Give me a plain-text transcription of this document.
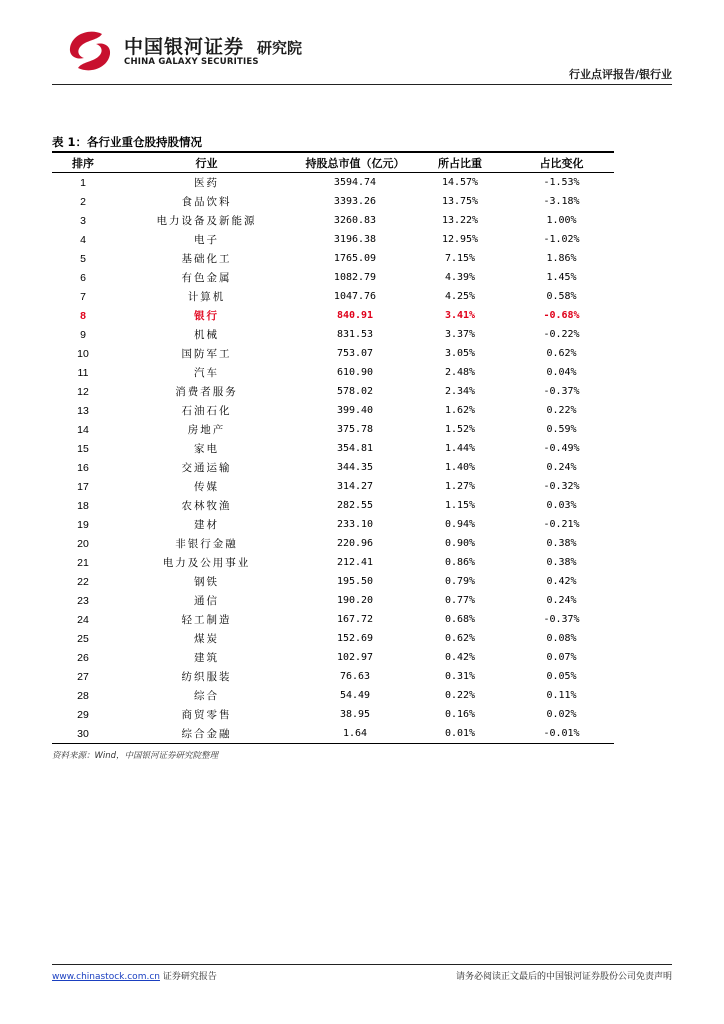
中国银河证券
CHINA GALAXY SECURITIES
研究院
行业点评报告/银行业
表 1：各行业重仓股持股情况
排序	行业	持股总市值（亿元）	所占比重	占比变化
1	医药	3594.74	14.57%	-1.53%
2	食品饮料	3393.26	13.75%	-3.18%
3	电力设备及新能源	3260.83	13.22%	1.00%
4	电子	3196.38	12.95%	-1.02%
5	基础化工	1765.09	7.15%	1.86%
6	有色金属	1082.79	4.39%	1.45%
7	计算机	1047.76	4.25%	0.58%
8	银行	840.91	3.41%	-0.68%
9	机械	831.53	3.37%	-0.22%
10	国防军工	753.07	3.05%	0.62%
11	汽车	610.90	2.48%	0.04%
12	消费者服务	578.02	2.34%	-0.37%
13	石油石化	399.40	1.62%	0.22%
14	房地产	375.78	1.52%	0.59%
15	家电	354.81	1.44%	-0.49%
16	交通运输	344.35	1.40%	0.24%
17	传媒	314.27	1.27%	-0.32%
18	农林牧渔	282.55	1.15%	0.03%
19	建材	233.10	0.94%	-0.21%
20	非银行金融	220.96	0.90%	0.38%
21	电力及公用事业	212.41	0.86%	0.38%
22	钢铁	195.50	0.79%	0.42%
23	通信	190.20	0.77%	0.24%
24	轻工制造	167.72	0.68%	-0.37%
25	煤炭	152.69	0.62%	0.08%
26	建筑	102.97	0.42%	0.07%
27	纺织服装	76.63	0.31%	0.05%
28	综合	54.49	0.22%	0.11%
29	商贸零售	38.95	0.16%	0.02%
30	综合金融	1.64	0.01%	-0.01%
资料来源：Wind，中国银河证券研究院整理
www.chinastock.com.cn 证券研究报告	请务必阅读正文最后的中国银河证券股份公司免责声明
